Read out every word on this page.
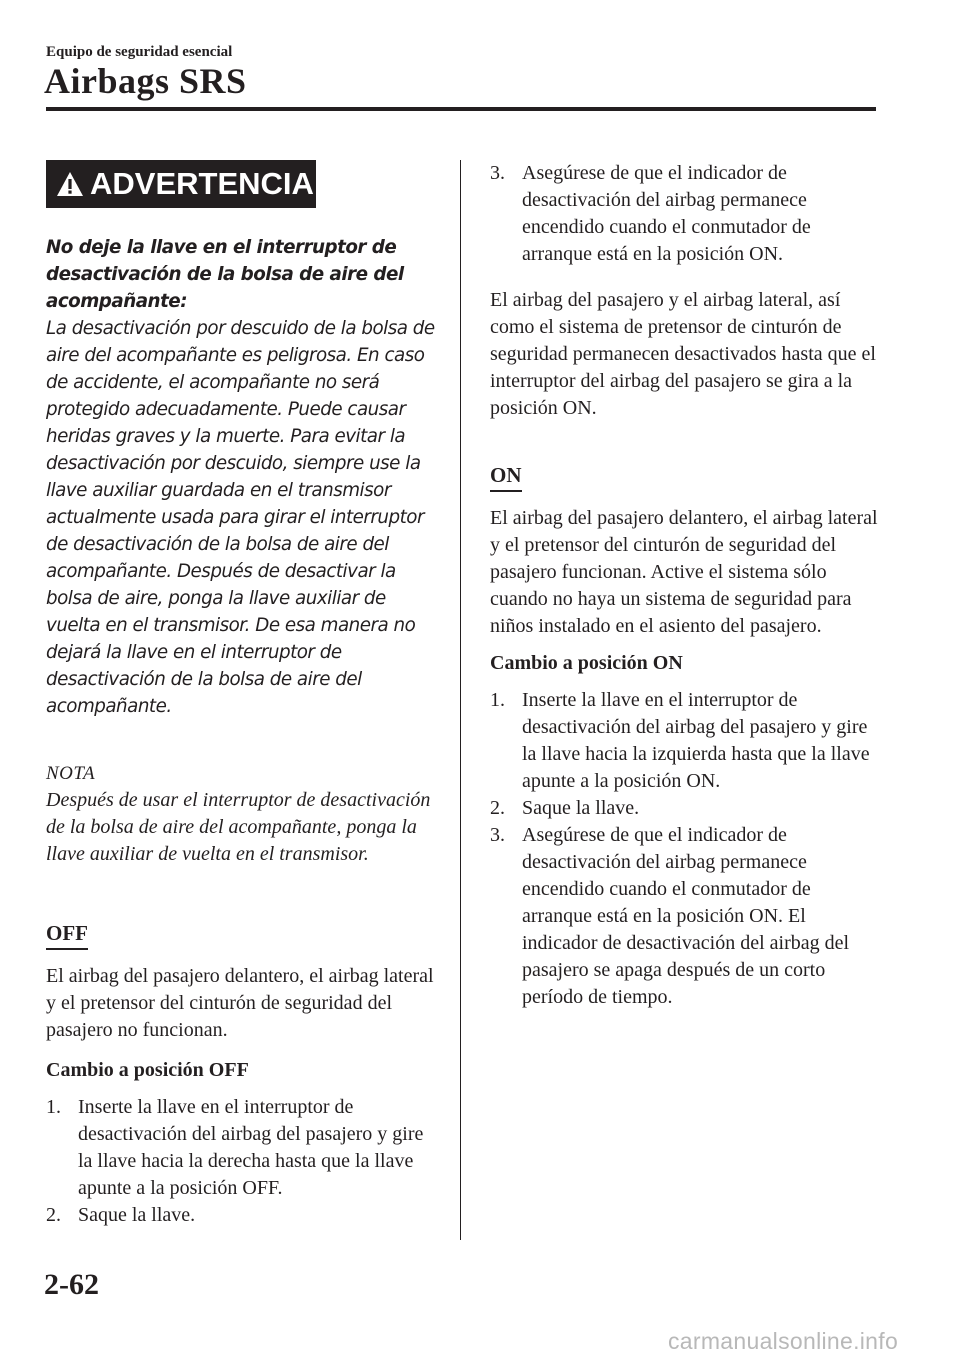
Equipo de seguridad esencial
Airbags SRS
ADVERTENCIA
No deje la llave en el interruptor de desactivación de la bolsa de aire del acompañante:
La desactivación por descuido de la bolsa de aire del acompañante es peligrosa. En caso de accidente, el acompañante no será protegido adecuadamente. Puede causar heridas graves y la muerte. Para evitar la desactivación por descuido, siempre use la llave auxiliar guardada en el transmisor actualmente usada para girar el interruptor de desactivación de la bolsa de aire del acompañante. Después de desactivar la bolsa de aire, ponga la llave auxiliar de vuelta en el transmisor. De esa manera no dejará la llave en el interruptor de desactivación de la bolsa de aire del acompañante.
NOTA
Después de usar el interruptor de desactivación de la bolsa de aire del acompañante, ponga la llave auxiliar de vuelta en el transmisor.
OFF

El airbag del pasajero delantero, el airbag lateral y el pretensor del cinturón de seguridad del pasajero no funcionan.

Cambio a posición OFF
1. Inserte la llave en el interruptor de desactivación del airbag del pasajero y gire la llave hacia la derecha hasta que la llave apunte a la posición OFF.
2. Saque la llave.
3. Asegúrese de que el indicador de desactivación del airbag permanece encendido cuando el conmutador de arranque está en la posición ON.

El airbag del pasajero y el airbag lateral, así como el sistema de pretensor de cinturón de seguridad permanecen desactivados hasta que el interruptor del airbag del pasajero se gira a la posición ON.

ON

El airbag del pasajero delantero, el airbag lateral y el pretensor del cinturón de seguridad del pasajero funcionan. Active el sistema sólo cuando no haya un sistema de seguridad para niños instalado en el asiento del pasajero.

Cambio a posición ON
1. Inserte la llave en el interruptor de desactivación del airbag del pasajero y gire la llave hacia la izquierda hasta que la llave apunte a la posición ON.
2. Saque la llave.
3. Asegúrese de que el indicador de desactivación del airbag permanece encendido cuando el conmutador de arranque está en la posición ON. El indicador de desactivación del airbag del pasajero se apaga después de un corto período de tiempo.
2-62
carmanualsonline.info
